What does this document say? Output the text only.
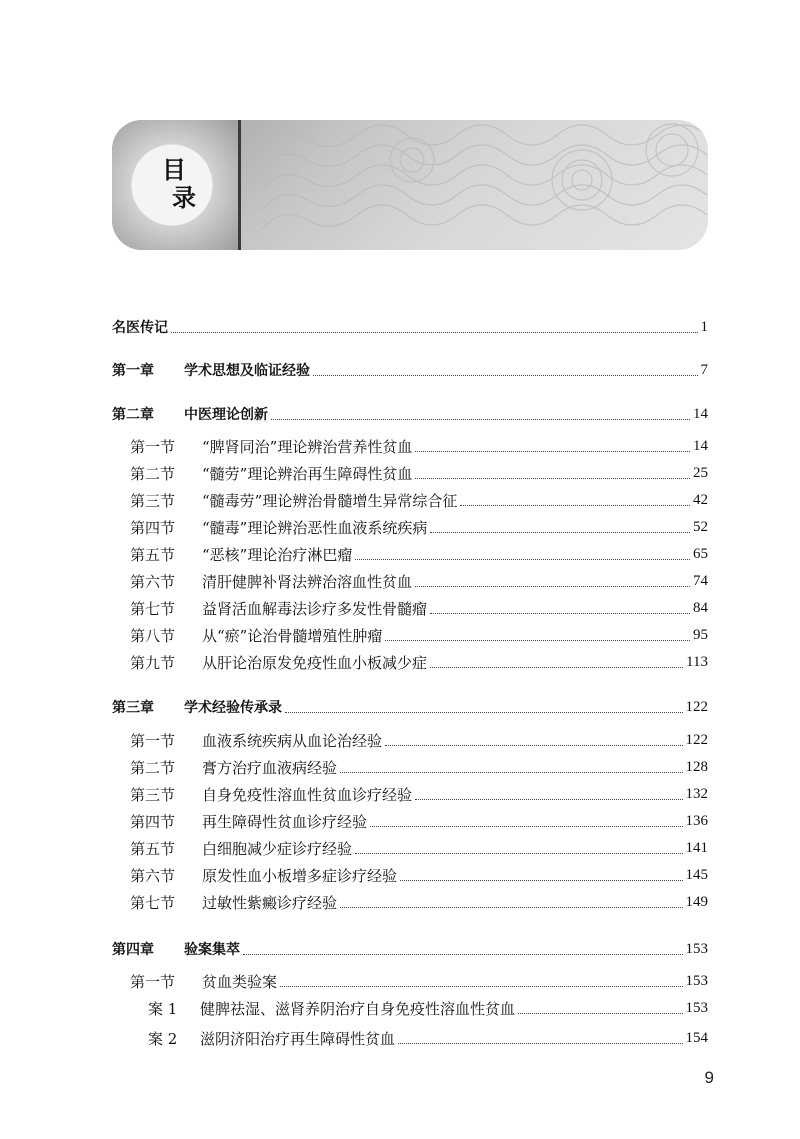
目
录
名医传记	1
第一章	学术思想及临证经验	7
第二章	中医理论创新	14
第一节	“脾肾同治”理论辨治营养性贫血	14
第二节	“髓劳”理论辨治再生障碍性贫血	25
第三节	“髓毒劳”理论辨治骨髓增生异常综合征	42
第四节	“髓毒”理论辨治恶性血液系统疾病	52
第五节	“恶核”理论治疗淋巴瘤	65
第六节	清肝健脾补肾法辨治溶血性贫血	74
第七节	益肾活血解毒法诊疗多发性骨髓瘤	84
第八节	从“瘀”论治骨髓增殖性肿瘤	95
第九节	从肝论治原发免疫性血小板减少症	113
第三章	学术经验传承录	122
第一节	血液系统疾病从血论治经验	122
第二节	膏方治疗血液病经验	128
第三节	自身免疫性溶血性贫血诊疗经验	132
第四节	再生障碍性贫血诊疗经验	136
第五节	白细胞减少症诊疗经验	141
第六节	原发性血小板增多症诊疗经验	145
第七节	过敏性紫癜诊疗经验	149
第四章	验案集萃	153
第一节	贫血类验案	153
案 1	健脾祛湿、滋肾养阴治疗自身免疫性溶血性贫血	153
案 2	滋阴济阳治疗再生障碍性贫血	154
9
